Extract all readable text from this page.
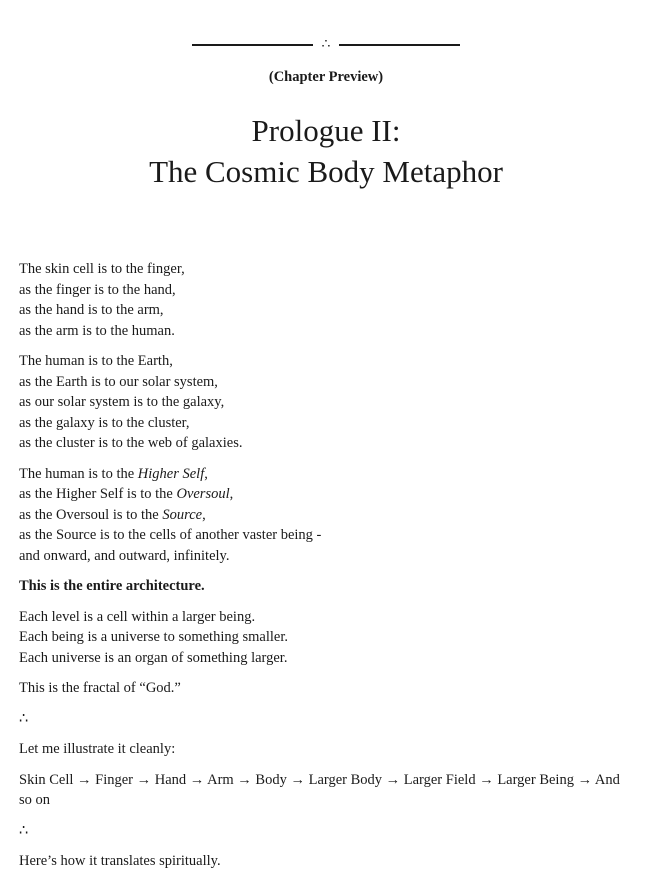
∴
(Chapter Preview)
Prologue II:
The Cosmic Body Metaphor

The skin cell is to the finger,
as the finger is to the hand,
as the hand is to the arm,
as the arm is to the human.

The human is to the Earth,
as the Earth is to our solar system,
as our solar system is to the galaxy,
as the galaxy is to the cluster,
as the cluster is to the web of galaxies.

The human is to the Higher Self,
as the Higher Self is to the Oversoul,
as the Oversoul is to the Source,
as the Source is to the cells of another vaster being -
and onward, and outward, infinitely.

This is the entire architecture.

Each level is a cell within a larger being.
Each being is a universe to something smaller.
Each universe is an organ of something larger.

This is the fractal of “God.”

∴

Let me illustrate it cleanly:

Skin Cell → Finger → Hand → Arm → Body → Larger Body → Larger Field → Larger Being → And so on

∴

Here’s how it translates spiritually.
